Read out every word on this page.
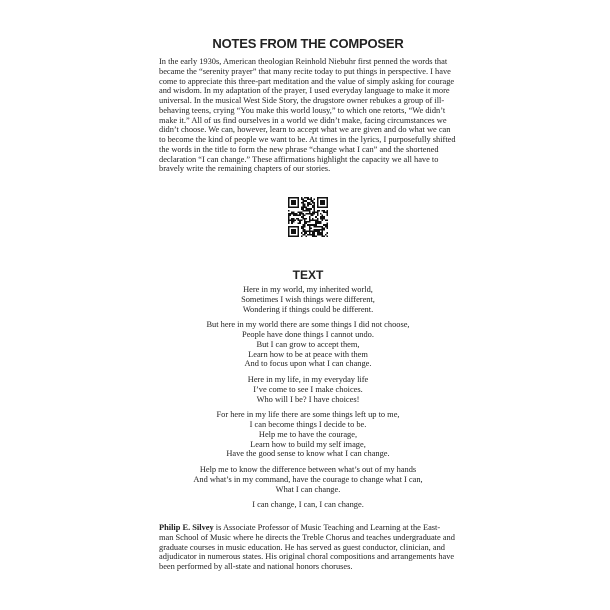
NOTES FROM THE COMPOSER
In the early 1930s, American theologian Reinhold Niebuhr first penned the words that
became the “serenity prayer” that many recite today to put things in perspective. I have
come to appreciate this three-part meditation and the value of simply asking for courage
and wisdom. In my adaptation of the prayer, I used everyday language to make it more
universal. In the musical West Side Story, the drugstore owner rebukes a group of ill-
behaving teens, crying “You make this world lousy,” to which one retorts, “We didn’t
make it.” All of us find ourselves in a world we didn’t make, facing circumstances we
didn’t choose. We can, however, learn to accept what we are given and do what we can
to become the kind of people we want to be. At times in the lyrics, I purposefully shifted
the words in the title to form the new phrase “change what I can” and the shortened
declaration “I can change.” These affirmations highlight the capacity we all have to
bravely write the remaining chapters of our stories.
TEXT
Here in my world, my inherited world,
Sometimes I wish things were different,
Wondering if things could be different.
But here in my world there are some things I did not choose,
People have done things I cannot undo.
But I can grow to accept them,
Learn how to be at peace with them
And to focus upon what I can change.
Here in my life, in my everyday life
I’ve come to see I make choices.
Who will I be? I have choices!
For here in my life there are some things left up to me,
I can become things I decide to be.
Help me to have the courage,
Learn how to build my self image,
Have the good sense to know what I can change.
Help me to know the difference between what’s out of my hands
And what’s in my command, have the courage to change what I can,
What I can change.
I can change, I can, I can change.
Philip E. Silvey is Associate Professor of Music Teaching and Learning at the East-
man School of Music where he directs the Treble Chorus and teaches undergraduate and
graduate courses in music education. He has served as guest conductor, clinician, and
adjudicator in numerous states. His original choral compositions and arrangements have
been performed by all-state and national honors choruses.
